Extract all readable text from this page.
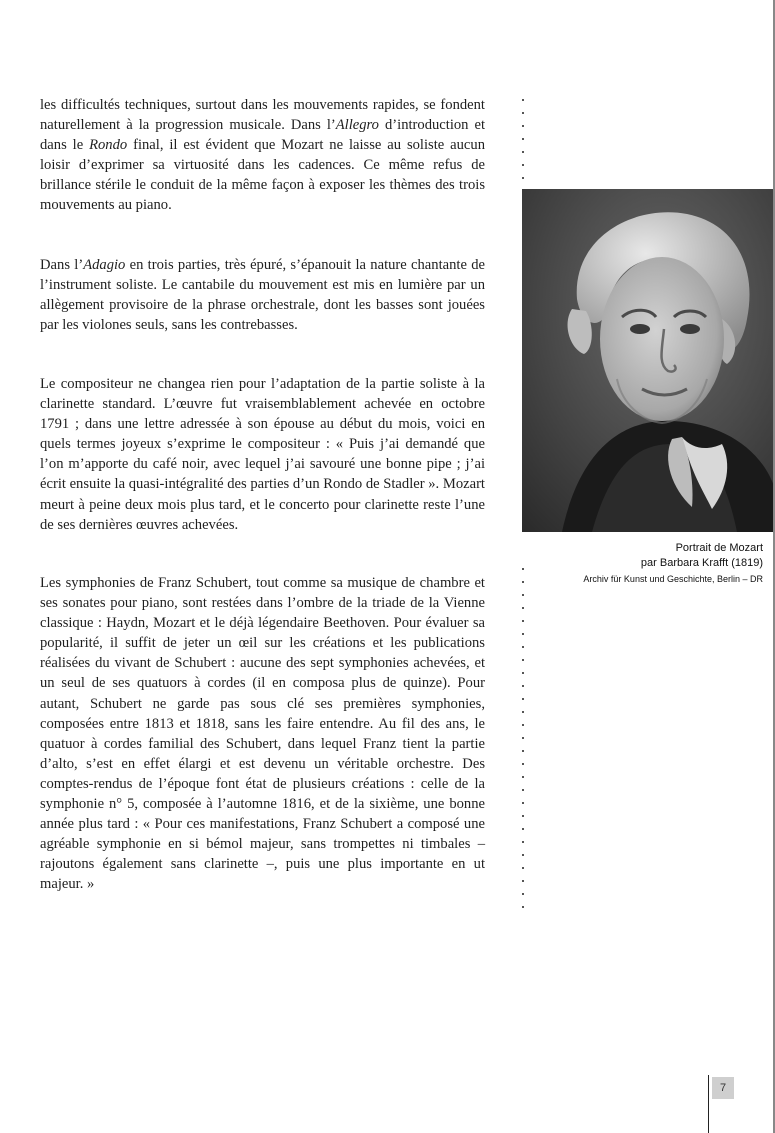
les difficultés techniques, surtout dans les mouvements rapides, se fondent naturellement à la progression musicale. Dans l’Allegro d’introduction et dans le Rondo final, il est évident que Mozart ne laisse au soliste aucun loisir d’exprimer sa virtuosité dans les cadences. Ce même refus de brillance stérile le conduit de la même façon à exposer les thèmes des trois mouvements au piano.

Dans l’Adagio en trois parties, très épuré, s’épanouit la nature chantante de l’instrument soliste. Le cantabile du mouvement est mis en lumière par un allègement provisoire de la phrase orchestrale, dont les basses sont jouées par les violones seuls, sans les contrebasses.

Le compositeur ne changea rien pour l’adaptation de la partie soliste à la clarinette standard. L’œuvre fut vraisemblablement achevée en octobre 1791 ; dans une lettre adressée à son épouse au début du mois, voici en quels termes joyeux s’exprime le compositeur : « Puis j’ai demandé que l’on m’apporte du café noir, avec lequel j’ai savouré une bonne pipe ; j’ai écrit ensuite la quasi-intégralité des parties d’un Rondo de Stadler ». Mozart meurt à peine deux mois plus tard, et le concerto pour clarinette reste l’une de ses dernières œuvres achevées.

Les symphonies de Franz Schubert, tout comme sa musique de chambre et ses sonates pour piano, sont restées dans l’ombre de la triade de la Vienne classique : Haydn, Mozart et le déjà légendaire Beethoven. Pour évaluer sa popularité, il suffit de jeter un œil sur les créations et les publications réalisées du vivant de Schubert : aucune des sept symphonies achevées, et un seul de ses quatuors à cordes (il en composa plus de quinze). Pour autant, Schubert ne garde pas sous clé ses premières symphonies, composées entre 1813 et 1818, sans les faire entendre. Au fil des ans, le quatuor à cordes familial des Schubert, dans lequel Franz tient la partie d’alto, s’est en effet élargi et est devenu un véritable orchestre. Des comptes-rendus de l’époque font état de plusieurs créations : celle de la symphonie n° 5, composée à l’automne 1816, et de la sixième, une bonne année plus tard : « Pour ces manifestations, Franz Schubert a composé une agréable symphonie en si bémol majeur, sans trompettes ni timbales – rajoutons également sans clarinette –, puis une plus importante en ut majeur. »

Portrait de Mozart
par Barbara Krafft (1819)
Archiv für Kunst und Geschichte, Berlin – DR
7
